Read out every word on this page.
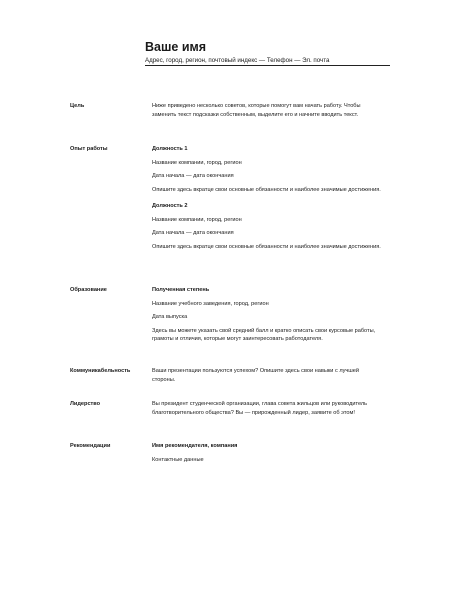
Ваше имя
Адрес, город, регион, почтовый индекс — Телефон — Эл. почта
Цель	Ниже приведено несколько советов, которые помогут вам начать работу. Чтобы заменить текст подсказки собственным, выделите его и начните вводить текст.
Опыт работы	Должность 1
Название компании, город, регион
Дата начала — дата окончания
Опишите здесь вкратце свои основные обязанности и наиболее значимые достижения.
Должность 2
Название компании, город, регион
Дата начала — дата окончания
Опишите здесь вкратце свои основные обязанности и наиболее значимые достижения.
Образование	Полученная степень
Название учебного заведения, город, регион
Дата выпуска
Здесь вы можете указать свой средний балл и кратко описать свои курсовые работы, грамоты и отличия, которые могут заинтересовать работодателя.
Коммуникабельность	Ваши презентации пользуются успехом? Опишите здесь свои навыки с лучшей стороны.
Лидерство	Вы президент студенческой организации, глава совета жильцов или руководитель благотворительного общества? Вы — прирожденный лидер, заявите об этом!
Рекомендации	Имя рекомендателя, компания
Контактные данные
